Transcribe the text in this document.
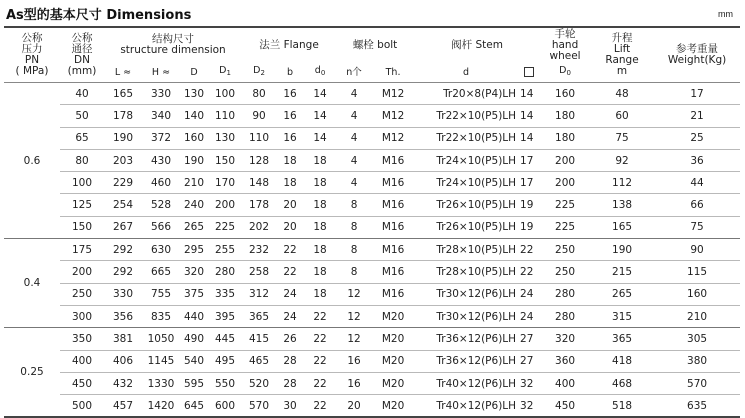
As型的基本尺寸 Dimensions	mm
公称
压力
PN
( MPa)	公称
通径
DN
(mm)	结构尺寸
structure dimension				法兰 Flange			螺栓 bolt		阀杆 Stem		手轮
hand
wheel	升程
Lift
Range
m	参考重量
Weight(Kg)
		L ≈	H ≈	D	$D_1$	$D_2$	b	$d_0$	n个	Th.	d		$D_0$
0.6	40	165	330	130	100	80	16	14	4	M12	Tr20×8(P4)LH	14	160	48	17
	50	178	340	140	110	90	16	14	4	M12	Tr22×10(P5)LH	14	180	60	21
	65	190	372	160	130	110	16	14	4	M12	Tr22×10(P5)LH	14	180	75	25
	80	203	430	190	150	128	18	18	4	M16	Tr24×10(P5)LH	17	200	92	36
	100	229	460	210	170	148	18	18	4	M16	Tr24×10(P5)LH	17	200	112	44
	125	254	528	240	200	178	20	18	8	M16	Tr26×10(P5)LH	19	225	138	66
	150	267	566	265	225	202	20	18	8	M16	Tr26×10(P5)LH	19	225	165	75
0.4	175	292	630	295	255	232	22	18	8	M16	Tr28×10(P5)LH	22	250	190	90
	200	292	665	320	280	258	22	18	8	M16	Tr28×10(P5)LH	22	250	215	115
	250	330	755	375	335	312	24	18	12	M16	Tr30×12(P6)LH	24	280	265	160
	300	356	835	440	395	365	24	22	12	M20	Tr30×12(P6)LH	24	280	315	210
0.25	350	381	1050	490	445	415	26	22	12	M20	Tr36×12(P6)LH	27	320	365	305
	400	406	1145	540	495	465	28	22	16	M20	Tr36×12(P6)LH	27	360	418	380
	450	432	1330	595	550	520	28	22	16	M20	Tr40×12(P6)LH	32	400	468	570
	500	457	1420	645	600	570	30	22	20	M20	Tr40×12(P6)LH	32	450	518	635
